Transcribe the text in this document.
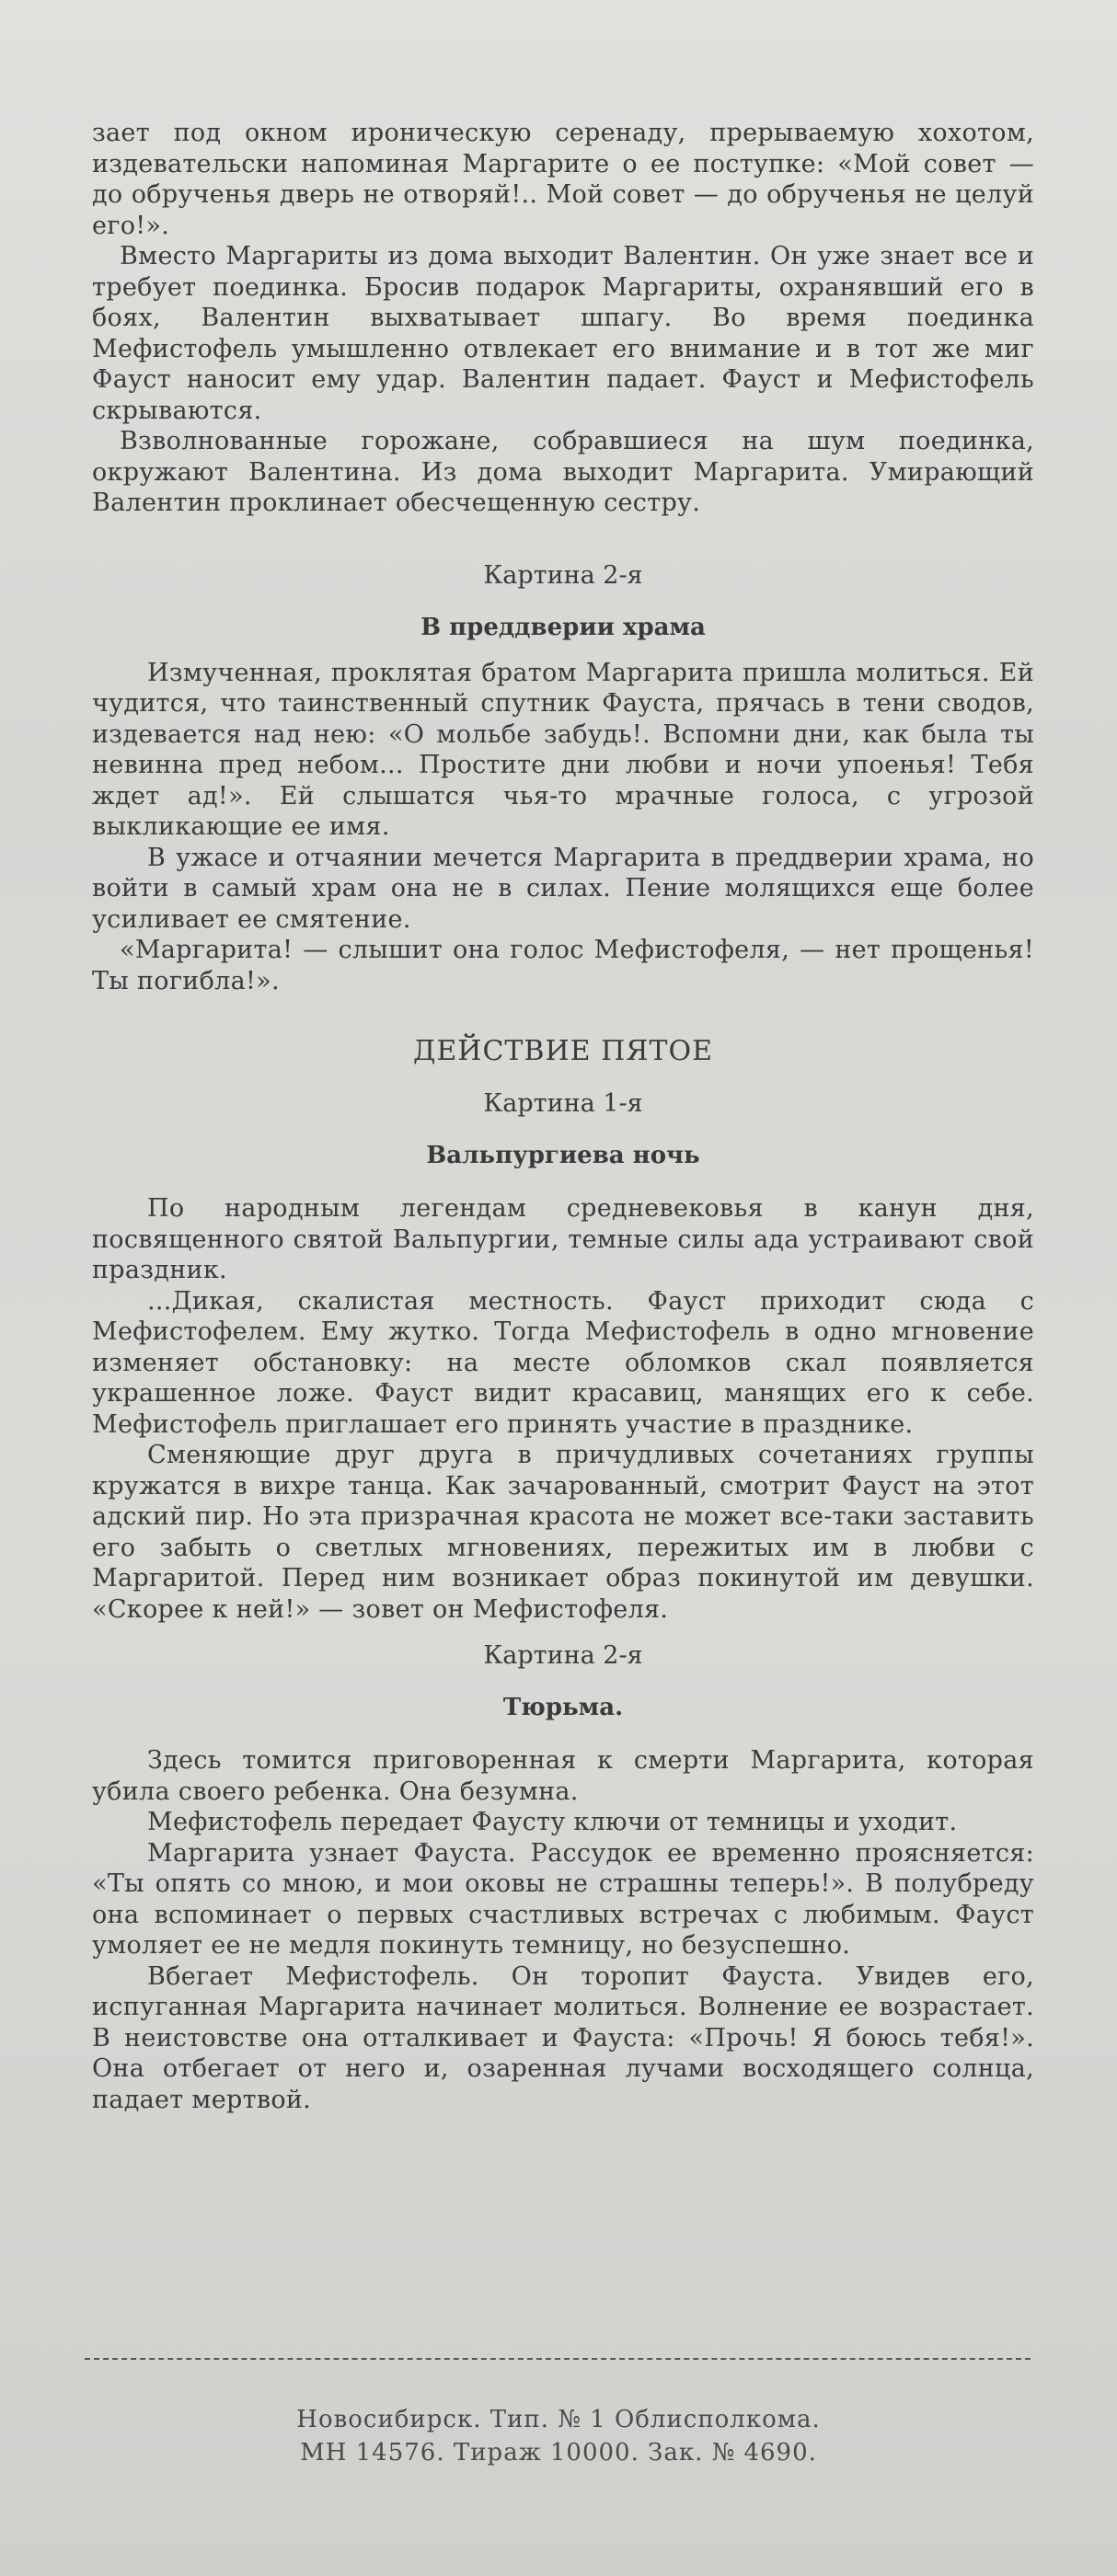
зает под окном ироническую серенаду, прерываемую хохотом, издевательски напоминая Маргарите о ее поступке: «Мой совет — до обрученья дверь не отворяй!.. Мой совет — до обрученья не целуй его!».

Вместо Маргариты из дома выходит Валентин. Он уже знает все и требует поединка. Бросив подарок Маргариты, охранявший его в боях, Валентин выхватывает шпагу. Во время поединка Мефистофель умышленно отвлекает его внимание и в тот же миг Фауст наносит ему удар. Валентин падает. Фауст и Мефистофель скрываются.

Взволнованные горожане, собравшиеся на шум поединка, окружают Валентина. Из дома выходит Маргарита. Умирающий Валентин проклинает обесчещенную сестру.

Картина 2-я
В преддверии храма

Измученная, проклятая братом Маргарита пришла молиться. Ей чудится, что таинственный спутник Фауста, прячась в тени сводов, издевается над нею: «О мольбе забудь!. Вспомни дни, как была ты невинна пред небом... Простите дни любви и ночи упоенья! Тебя ждет ад!». Ей слышатся чья-то мрачные голоса, с угрозой выкликающие ее имя.

В ужасе и отчаянии мечется Маргарита в преддверии храма, но войти в самый храм она не в силах. Пение молящихся еще более усиливает ее смятение.

«Маргарита! — слышит она голос Мефистофеля, — нет прощенья! Ты погибла!».

ДЕЙСТВИЕ ПЯТОЕ
Картина 1-я
Вальпургиева ночь

По народным легендам средневековья в канун дня, посвященного святой Вальпургии, темные силы ада устраивают свой праздник.

...Дикая, скалистая местность. Фауст приходит сюда с Мефистофелем. Ему жутко. Тогда Мефистофель в одно мгновение изменяет обстановку: на месте обломков скал появляется украшенное ложе. Фауст видит красавиц, манящих его к себе. Мефистофель приглашает его принять участие в празднике.

Сменяющие друг друга в причудливых сочетаниях группы кружатся в вихре танца. Как зачарованный, смотрит Фауст на этот адский пир. Но эта призрачная красота не может все-таки заставить его забыть о светлых мгновениях, пережитых им в любви с Маргаритой. Перед ним возникает образ покинутой им девушки. «Скорее к ней!» — зовет он Мефистофеля.

Картина 2-я
Тюрьма.

Здесь томится приговоренная к смерти Маргарита, которая убила своего ребенка. Она безумна.

Мефистофель передает Фаусту ключи от темницы и уходит.

Маргарита узнает Фауста. Рассудок ее временно проясняется: «Ты опять со мною, и мои оковы не страшны теперь!». В полубреду она вспоминает о первых счастливых встречах с любимым. Фауст умоляет ее не медля покинуть темницу, но безуспешно.

Вбегает Мефистофель. Он торопит Фауста. Увидев его, испуганная Маргарита начинает молиться. Волнение ее возрастает. В неистовстве она отталкивает и Фауста: «Прочь! Я боюсь тебя!». Она отбегает от него и, озаренная лучами восходящего солнца, падает мертвой.

Новосибирск. Тип. № 1 Облисполкома.
МН 14576. Тираж 10000. Зак. № 4690.
